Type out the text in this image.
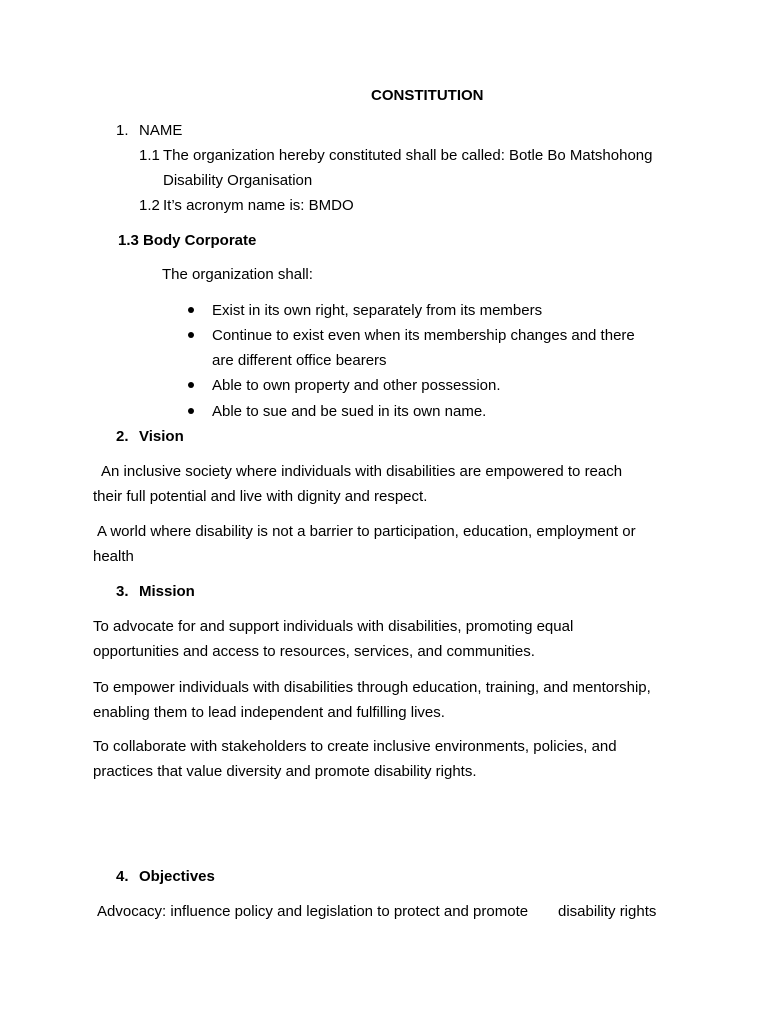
CONSTITUTION
1. NAME
1.1 The organization hereby constituted shall be called: Botle Bo Matshohong
Disability Organisation
1.2 It’s acronym name is: BMDO
1.3 Body Corporate
The organization shall:
Exist in its own right, separately from its members
Continue to exist even when its membership changes and there
are different office bearers
Able to own property and other possession.
Able to sue and be sued in its own name.
2. Vision
An inclusive society where individuals with disabilities are empowered to reach
their full potential and live with dignity and respect.
A world where disability is not a barrier to participation, education, employment or
health
3. Mission
To advocate for and support individuals with disabilities, promoting equal
opportunities and access to resources, services, and communities.
To empower individuals with disabilities through education, training, and mentorship,
enabling them to lead independent and fulfilling lives.
To collaborate with stakeholders to create inclusive environments, policies, and
practices that value diversity and promote disability rights.
4. Objectives
Advocacy: influence policy and legislation to protect and promote disability rights
